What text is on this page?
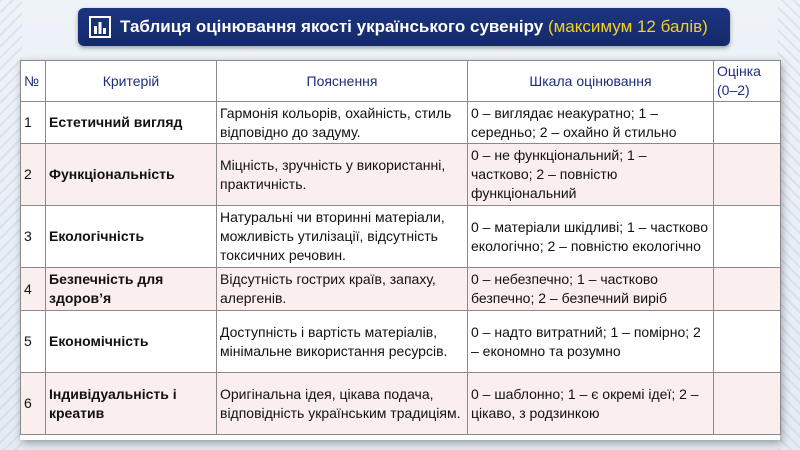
Таблиця оцінювання якості українського сувеніру (максимум 12 балів)
№	Критерій	Пояснення	Шкала оцінювання	Оцінка (0–2)
1	Естетичний вигляд	Гармонія кольорів, охайність, стиль відповідно до задуму.	0 – виглядає неакуратно; 1 – середньо; 2 – охайно й стильно	
2	Функціональність	Міцність, зручність у використанні, практичність.	0 – не функціональний; 1 – частково; 2 – повністю функціональний	
3	Екологічність	Натуральні чи вторинні матеріали, можливість утилізації, відсутність токсичних речовин.	0 – матеріали шкідливі; 1 – частково екологічно; 2 – повністю екологічно	
4	Безпечність для здоров’я	Відсутність гострих країв, запаху, алергенів.	0 – небезпечно; 1 – частково безпечно; 2 – безпечний виріб	
5	Економічність	Доступність і вартість матеріалів, мінімальне використання ресурсів.	0 – надто витратний; 1 – помірно; 2 – економно та розумно	
6	Індивідуальність і креатив	Оригінальна ідея, цікава подача, відповідність українським традиціям.	0 – шаблонно; 1 – є окремі ідеї; 2 – цікаво, з родзинкою	
